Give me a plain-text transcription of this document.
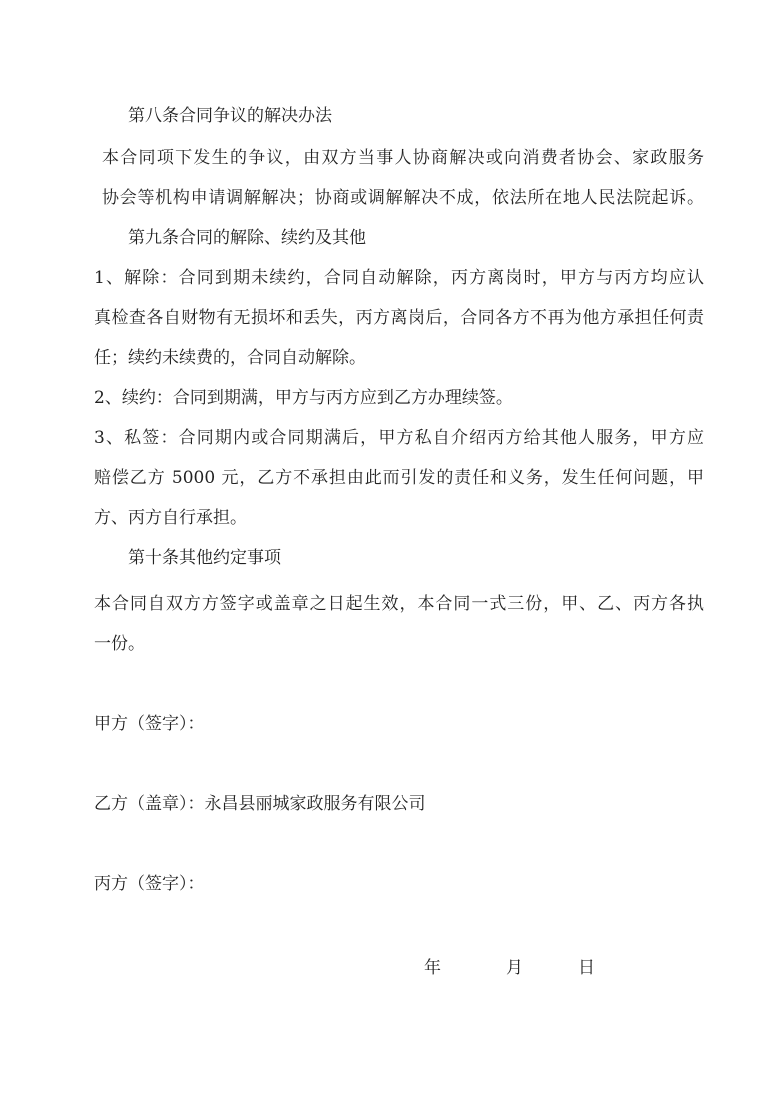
第八条合同争议的解决办法
本合同项下发生的争议，由双方当事人协商解决或向消费者协会、家政服务
协会等机构申请调解解决；协商或调解解决不成，依法所在地人民法院起诉。
第九条合同的解除、续约及其他
1、解除：合同到期未续约，合同自动解除，丙方离岗时，甲方与丙方均应认
真检查各自财物有无损坏和丢失，丙方离岗后，合同各方不再为他方承担任何责
任；续约未续费的，合同自动解除。
2、续约：合同到期满，甲方与丙方应到乙方办理续签。
3、私签：合同期内或合同期满后，甲方私自介绍丙方给其他人服务，甲方应
赔偿乙方 5000 元，乙方不承担由此而引发的责任和义务，发生任何问题，甲
方、丙方自行承担。
第十条其他约定事项
本合同自双方方签字或盖章之日起生效，本合同一式三份，甲、乙、丙方各执
一份。
甲方（签字）：
乙方（盖章）：永昌县丽城家政服务有限公司
丙方（签字）：
年	月	日
